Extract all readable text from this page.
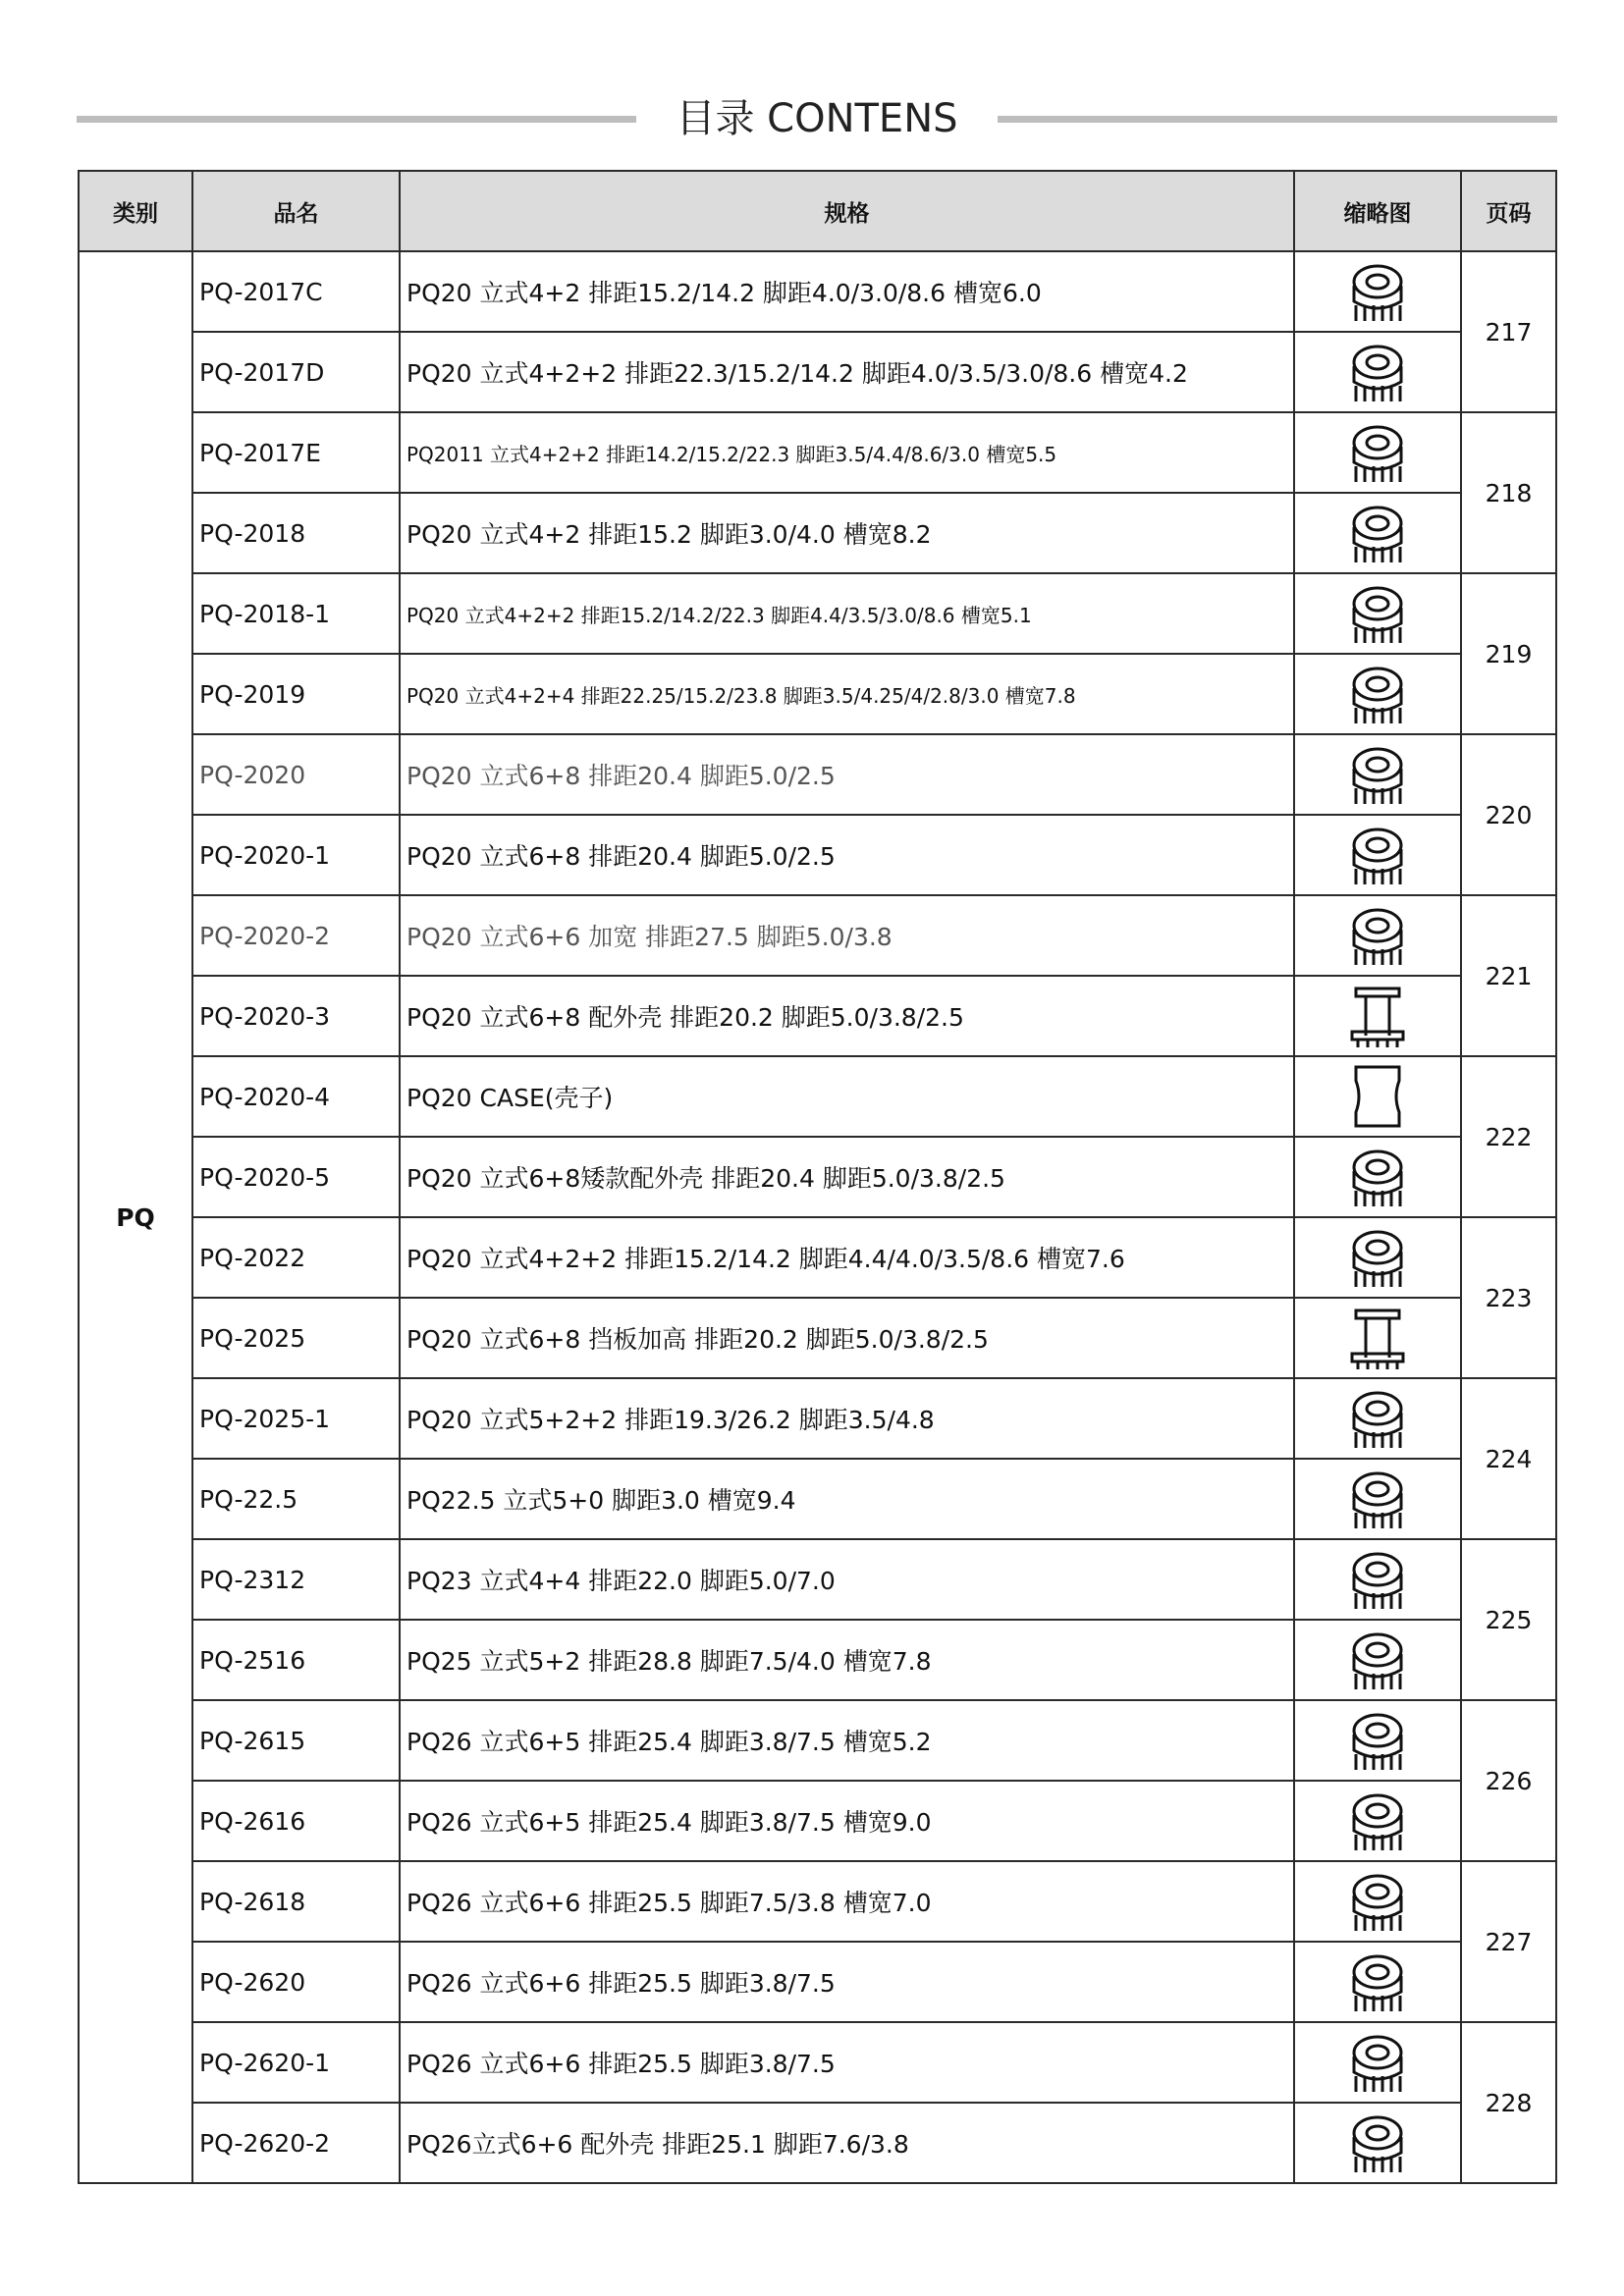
目录 CONTENS
类别	品名	规格	缩略图	页码
PQ	PQ-2017C	PQ20 立式4+2 排距15.2/14.2 脚距4.0/3.0/8.6 槽宽6.0		217
	PQ-2017D	PQ20 立式4+2+2 排距22.3/15.2/14.2 脚距4.0/3.5/3.0/8.6 槽宽4.2	

	PQ-2017E	PQ2011 立式4+2+2 排距14.2/15.2/22.3 脚距3.5/4.4/8.6/3.0 槽宽5.5		218
	PQ-2018	PQ20 立式4+2 排距15.2 脚距3.0/4.0 槽宽8.2	

	PQ-2018-1	PQ20 立式4+2+2 排距15.2/14.2/22.3 脚距4.4/3.5/3.0/8.6 槽宽5.1		219
	PQ-2019	PQ20 立式4+2+4 排距22.25/15.2/23.8 脚距3.5/4.25/4/2.8/3.0 槽宽7.8	

	PQ-2020	PQ20 立式6+8 排距20.4 脚距5.0/2.5		220
	PQ-2020-1	PQ20 立式6+8 排距20.4 脚距5.0/2.5	

	PQ-2020-2	PQ20 立式6+6 加宽 排距27.5 脚距5.0/3.8		221
	PQ-2020-3	PQ20 立式6+8 配外壳 排距20.2 脚距5.0/3.8/2.5	

	PQ-2020-4	PQ20 CASE(壳子)		222
	PQ-2020-5	PQ20 立式6+8矮款配外壳 排距20.4 脚距5.0/3.8/2.5	

	PQ-2022	PQ20 立式4+2+2 排距15.2/14.2 脚距4.4/4.0/3.5/8.6 槽宽7.6		223
	PQ-2025	PQ20 立式6+8 挡板加高 排距20.2 脚距5.0/3.8/2.5	

	PQ-2025-1	PQ20 立式5+2+2 排距19.3/26.2 脚距3.5/4.8		224
	PQ-22.5	PQ22.5 立式5+0 脚距3.0 槽宽9.4	

	PQ-2312	PQ23 立式4+4 排距22.0 脚距5.0/7.0		225
	PQ-2516	PQ25 立式5+2 排距28.8 脚距7.5/4.0 槽宽7.8	

	PQ-2615	PQ26 立式6+5 排距25.4 脚距3.8/7.5 槽宽5.2		226
	PQ-2616	PQ26 立式6+5 排距25.4 脚距3.8/7.5 槽宽9.0	

	PQ-2618	PQ26 立式6+6 排距25.5 脚距7.5/3.8 槽宽7.0		227
	PQ-2620	PQ26 立式6+6 排距25.5 脚距3.8/7.5	

	PQ-2620-1	PQ26 立式6+6 排距25.5 脚距3.8/7.5		228
	PQ-2620-2	PQ26立式6+6 配外壳 排距25.1 脚距7.6/3.8	
